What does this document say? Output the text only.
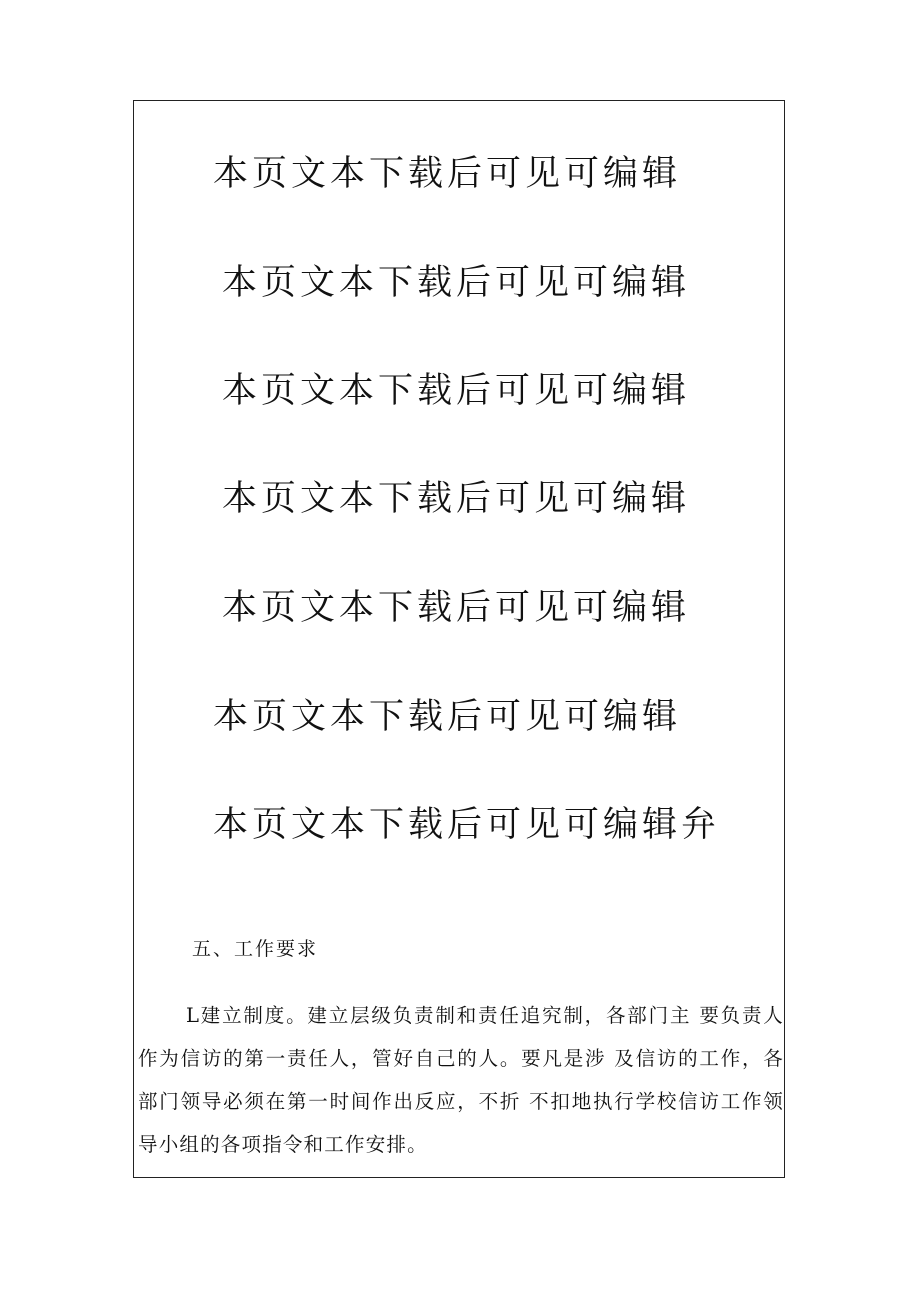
本页文本下载后可见可编辑
本页文本下载后可见可编辑
本页文本下载后可见可编辑
本页文本下载后可见可编辑
本页文本下载后可见可编辑
本页文本下载后可见可编辑
本页文本下载后可见可编辑弁
五、工作要求

L建立制度。建立层级负责制和责任追究制，各部门主 要负责人作为信访的第一责任人，管好自己的人。要凡是涉 及信访的工作，各部门领导必须在第一时间作出反应，不折 不扣地执行学校信访工作领导小组的各项指令和工作安排。
